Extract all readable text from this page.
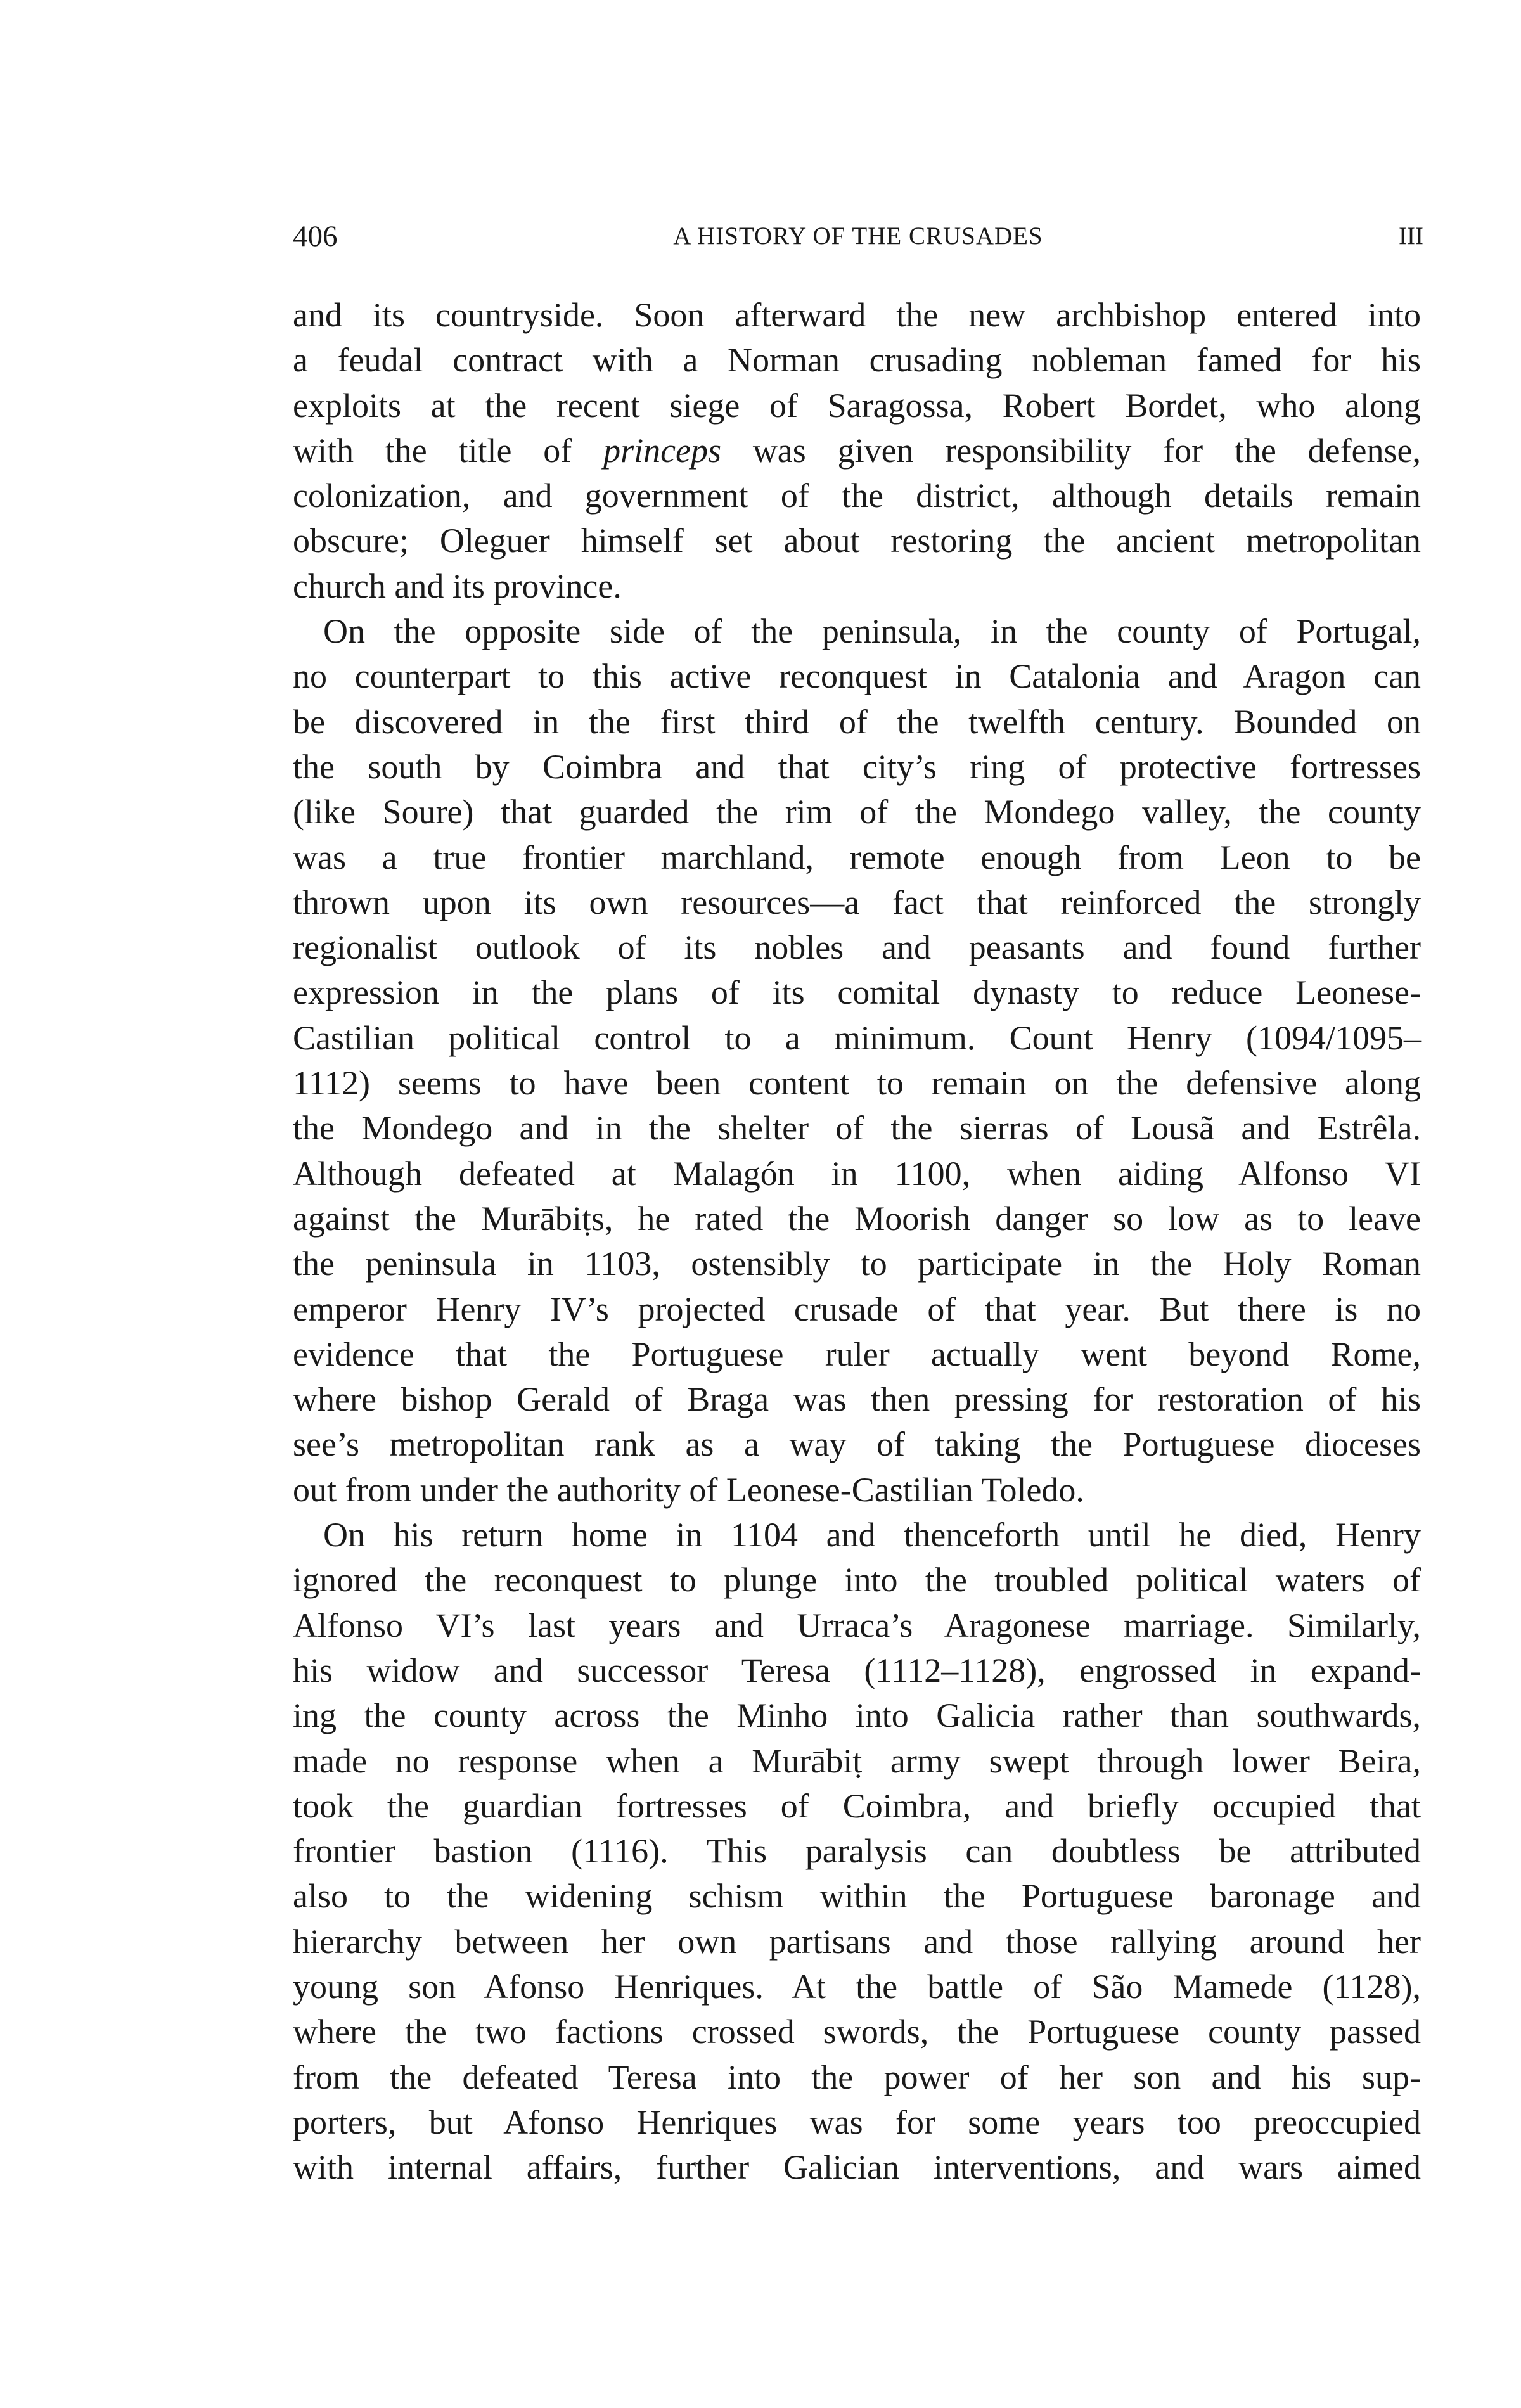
406	A HISTORY OF THE CRUSADES	III
and its countryside. Soon afterward the new archbishop entered into
a feudal contract with a Norman crusading nobleman famed for his
exploits at the recent siege of Saragossa, Robert Bordet, who along
with the title of princeps was given responsibility for the defense,
colonization, and government of the district, although details remain
obscure; Oleguer himself set about restoring the ancient metropolitan
church and its province.
On the opposite side of the peninsula, in the county of Portugal,
no counterpart to this active reconquest in Catalonia and Aragon can
be discovered in the first third of the twelfth century. Bounded on
the south by Coimbra and that city’s ring of protective fortresses
(like Soure) that guarded the rim of the Mondego valley, the county
was a true frontier marchland, remote enough from Leon to be
thrown upon its own resources—a fact that reinforced the strongly
regionalist outlook of its nobles and peasants and found further
expression in the plans of its comital dynasty to reduce Leonese-
Castilian political control to a minimum. Count Henry (1094/1095–
1112) seems to have been content to remain on the defensive along
the Mondego and in the shelter of the sierras of Lousã and Estrêla.
Although defeated at Malagón in 1100, when aiding Alfonso VI
against the Murābiṭs, he rated the Moorish danger so low as to leave
the peninsula in 1103, ostensibly to participate in the Holy Roman
emperor Henry IV’s projected crusade of that year. But there is no
evidence that the Portuguese ruler actually went beyond Rome,
where bishop Gerald of Braga was then pressing for restoration of his
see’s metropolitan rank as a way of taking the Portuguese dioceses
out from under the authority of Leonese-Castilian Toledo.
On his return home in 1104 and thenceforth until he died, Henry
ignored the reconquest to plunge into the troubled political waters of
Alfonso VI’s last years and Urraca’s Aragonese marriage. Similarly,
his widow and successor Teresa (1112–1128), engrossed in expand-
ing the county across the Minho into Galicia rather than southwards,
made no response when a Murābiṭ army swept through lower Beira,
took the guardian fortresses of Coimbra, and briefly occupied that
frontier bastion (1116). This paralysis can doubtless be attributed
also to the widening schism within the Portuguese baronage and
hierarchy between her own partisans and those rallying around her
young son Afonso Henriques. At the battle of São Mamede (1128),
where the two factions crossed swords, the Portuguese county passed
from the defeated Teresa into the power of her son and his sup-
porters, but Afonso Henriques was for some years too preoccupied
with internal affairs, further Galician interventions, and wars aimed
